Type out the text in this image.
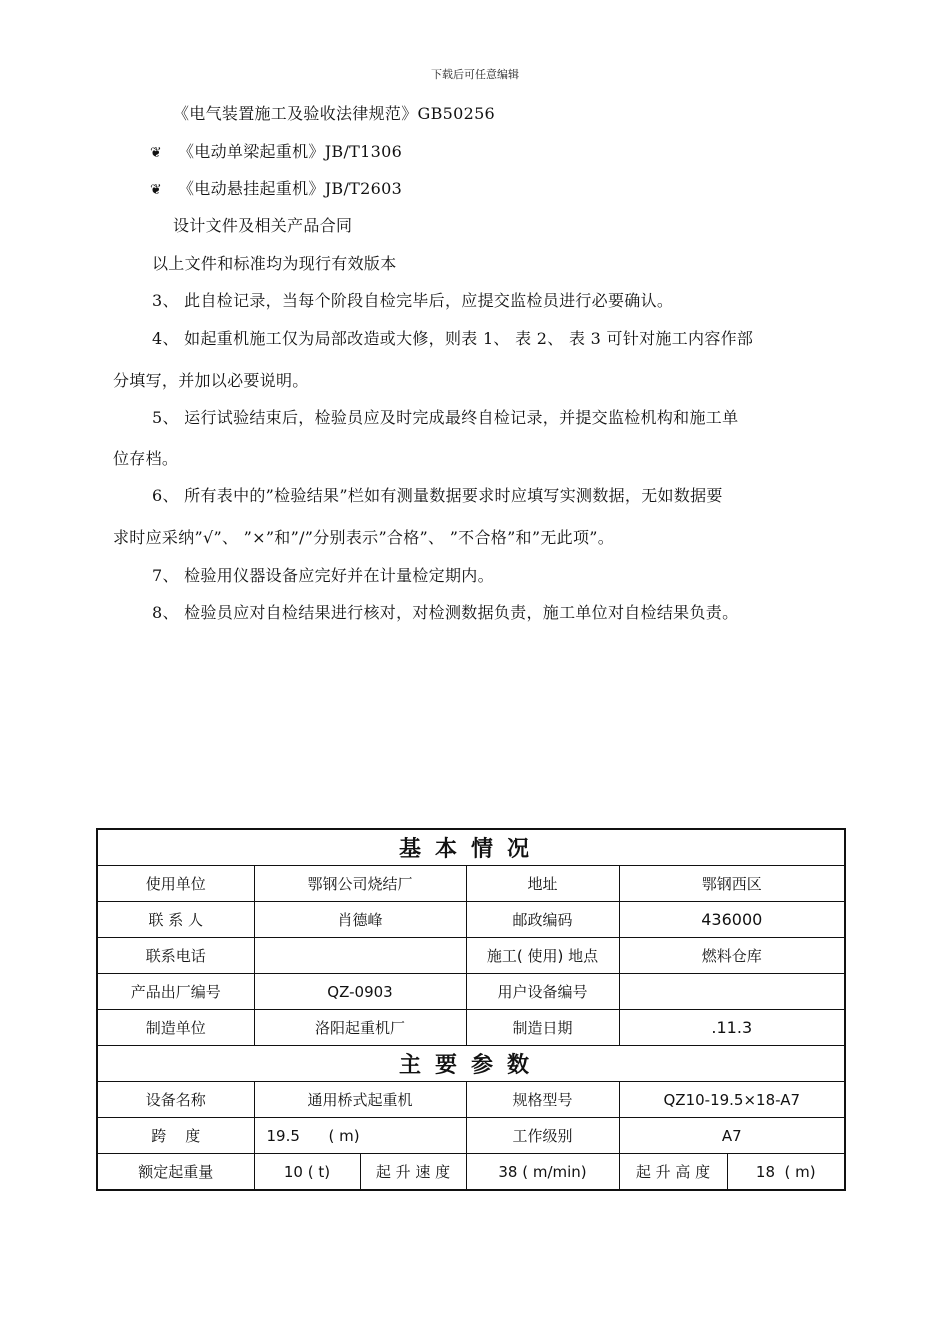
下载后可任意编辑
《电气装置施工及验收法律规范》GB50256
❦ 《电动单梁起重机》JB/T1306
❦ 《电动悬挂起重机》JB/T2603
设计文件及相关产品合同
以上文件和标准均为现行有效版本
3、 此自检记录，当每个阶段自检完毕后，应提交监检员进行必要确认。
4、 如起重机施工仅为局部改造或大修，则表 1、 表 2、 表 3 可针对施工内容作部
分填写，并加以必要说明。
5、 运行试验结束后，检验员应及时完成最终自检记录，并提交监检机构和施工单
位存档。
6、 所有表中的”检验结果”栏如有测量数据要求时应填写实测数据，无如数据要
求时应采纳”√”、 ”×”和”/”分别表示”合格”、 ”不合格”和”无此项”。
7、 检验用仪器设备应完好并在计量检定期内。
8、 检验员应对自检结果进行核对，对检测数据负责，施工单位对自检结果负责。
基本情况					
使用单位	鄂钢公司烧结厂		地址	鄂钢西区	
联 系 人	肖德峰		邮政编码	436000	
联系电话			施工( 使用) 地点	燃料仓库	
产品出厂编号	QZ-0903		用户设备编号		
制造单位	洛阳起重机厂		制造日期	.11.3	
主要参数					
设备名称	通用桥式起重机		规格型号	QZ10-19.5×18-A7	
跨    度	19.5      ( m)		工作级别	A7	
额定起重量	10 ( t)	起 升 速 度	38 ( m/min)	起 升 高 度	18  ( m)
